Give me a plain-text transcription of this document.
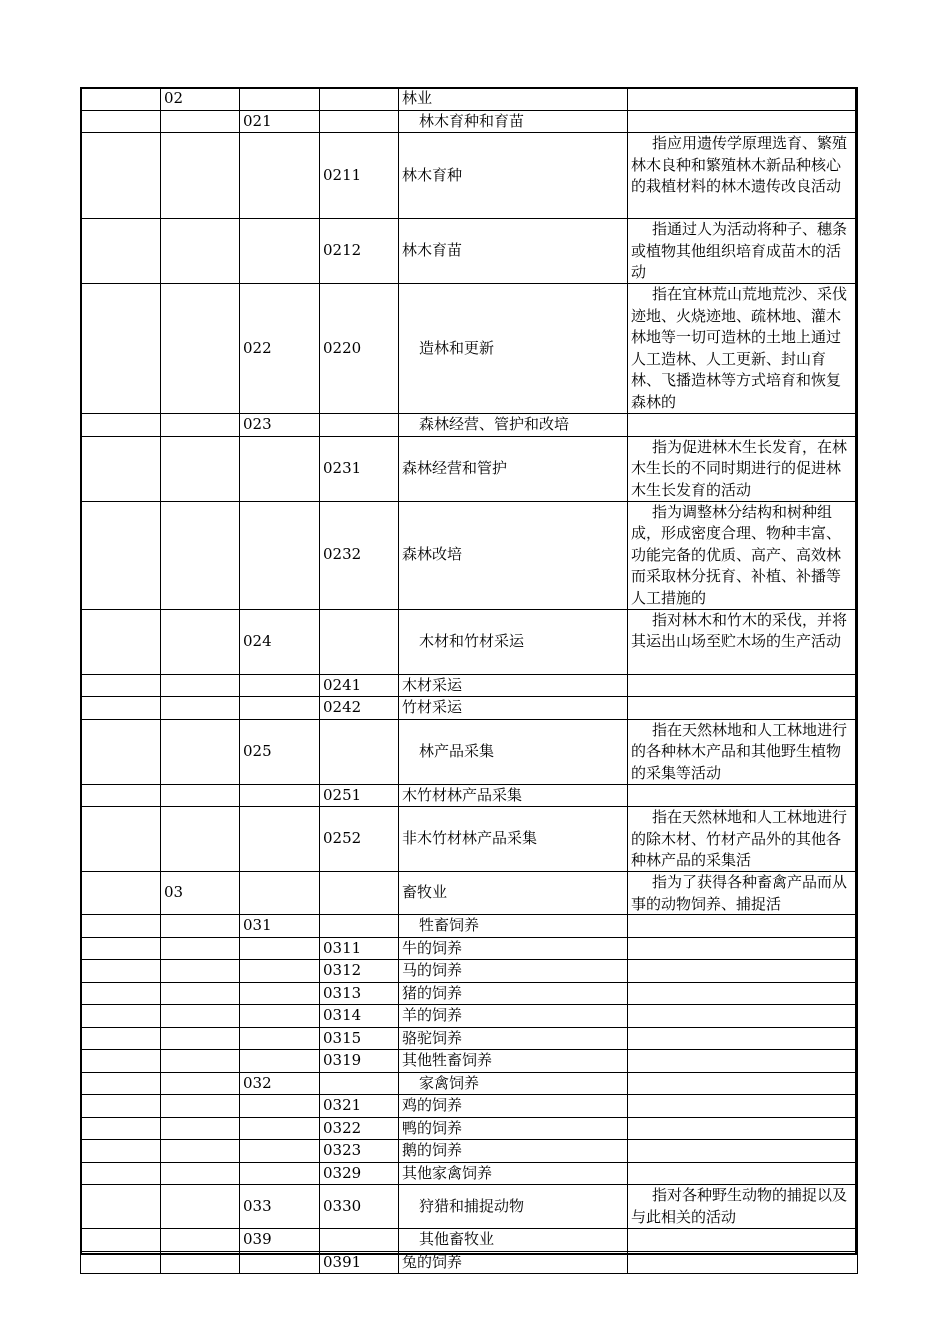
	02			林业	

		021		林木育种和育苗	

			0211	林木育种	指应用遗传学原理选育、繁殖林木良种和繁殖林木新品种核心的栽植材料的林木遗传改良活动

			0212	林木育苗	指通过人为活动将种子、穗条或植物其他组织培育成苗木的活动

		022	0220	造林和更新	指在宜林荒山荒地荒沙、采伐迹地、火烧迹地、疏林地、灌木林地等一切可造林的土地上通过人工造林、人工更新、封山育林、飞播造林等方式培育和恢复森林的

		023		森林经营、管护和改培	

			0231	森林经营和管护	指为促进林木生长发育，在林木生长的不同时期进行的促进林木生长发育的活动

			0232	森林改培	指为调整林分结构和树种组成，形成密度合理、物种丰富、功能完备的优质、高产、高效林而采取林分抚育、补植、补播等人工措施的

		024		木材和竹材采运	指对林木和竹木的采伐，并将其运出山场至贮木场的生产活动

			0241	木材采运	

			0242	竹材采运	

		025		林产品采集	指在天然林地和人工林地进行的各种林木产品和其他野生植物的采集等活动

			0251	木竹材林产品采集	

			0252	非木竹材林产品采集	指在天然林地和人工林地进行的除木材、竹材产品外的其他各种林产品的采集活

	03			畜牧业	指为了获得各种畜禽产品而从事的动物饲养、捕捉活

		031		牲畜饲养	

			0311	牛的饲养	

			0312	马的饲养	

			0313	猪的饲养	

			0314	羊的饲养	

			0315	骆驼饲养	

			0319	其他牲畜饲养	

		032		家禽饲养	

			0321	鸡的饲养	

			0322	鸭的饲养	

			0323	鹅的饲养	

			0329	其他家禽饲养	

		033	0330	狩猎和捕捉动物	指对各种野生动物的捕捉以及与此相关的活动

		039		其他畜牧业	

			0391	兔的饲养	
